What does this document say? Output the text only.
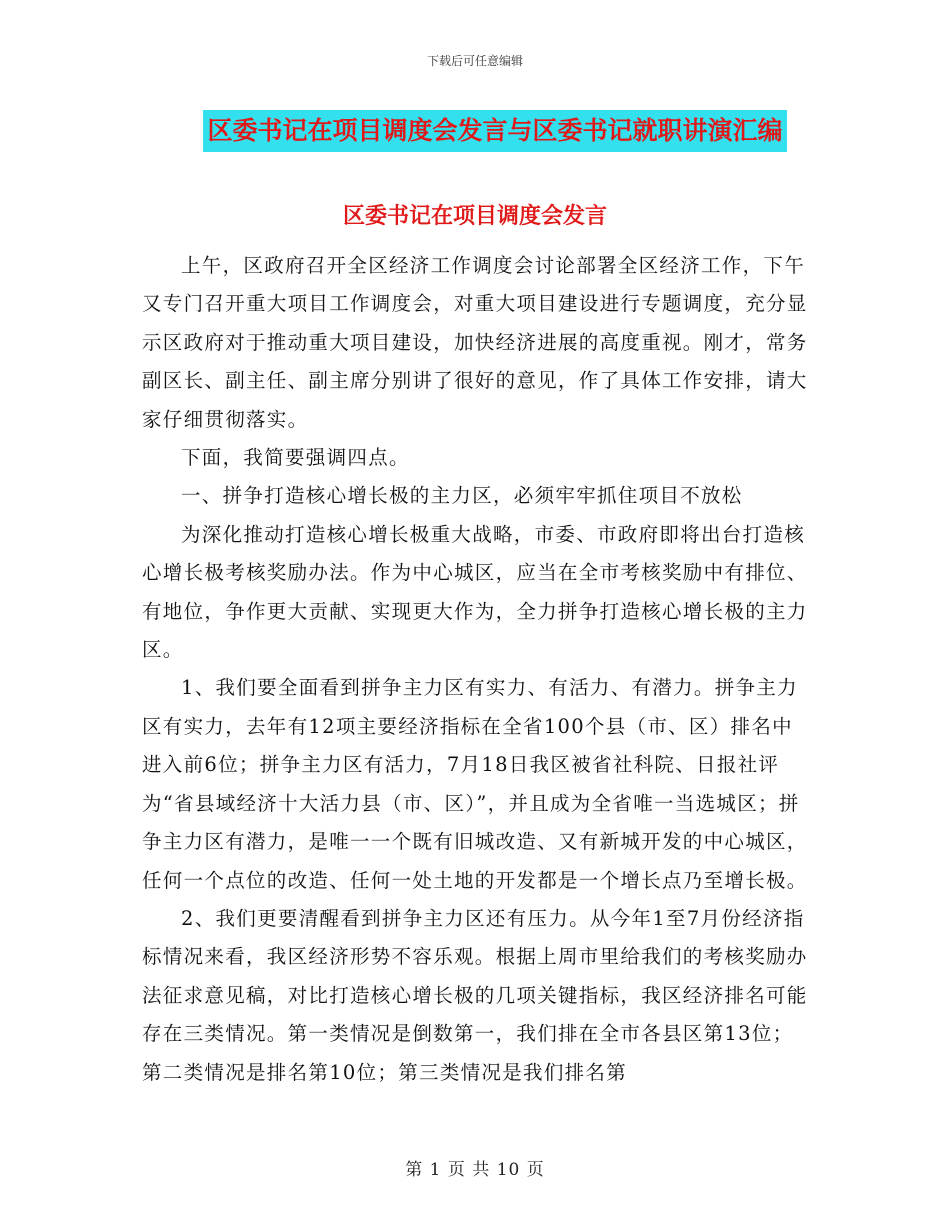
下载后可任意编辑
区委书记在项目调度会发言与区委书记就职讲演汇编
区委书记在项目调度会发言

上午，区政府召开全区经济工作调度会讨论部署全区经济工作，下午又专门召开重大项目工作调度会，对重大项目建设进行专题调度，充分显示区政府对于推动重大项目建设，加快经济进展的高度重视。刚才，常务副区长、副主任、副主席分别讲了很好的意见，作了具体工作安排，请大家仔细贯彻落实。

下面，我简要强调四点。

一、拼争打造核心增长极的主力区，必须牢牢抓住项目不放松

为深化推动打造核心增长极重大战略，市委、市政府即将出台打造核心增长极考核奖励办法。作为中心城区，应当在全市考核奖励中有排位、有地位，争作更大贡献、实现更大作为，全力拼争打造核心增长极的主力区。

1、我们要全面看到拼争主力区有实力、有活力、有潜力。拼争主力区有实力，去年有12项主要经济指标在全省100个县（市、区）排名中进入前6位；拼争主力区有活力，7月18日我区被省社科院、日报社评为“省县域经济十大活力县（市、区）”，并且成为全省唯一当选城区；拼争主力区有潜力，是唯一一个既有旧城改造、又有新城开发的中心城区，任何一个点位的改造、任何一处土地的开发都是一个增长点乃至增长极。

2、我们更要清醒看到拼争主力区还有压力。从今年1至7月份经济指标情况来看，我区经济形势不容乐观。根据上周市里给我们的考核奖励办法征求意见稿，对比打造核心增长极的几项关键指标，我区经济排名可能存在三类情况。第一类情况是倒数第一，我们排在全市各县区第13位；第二类情况是排名第10位；第三类情况是我们排名第

第 1 页 共 10 页
